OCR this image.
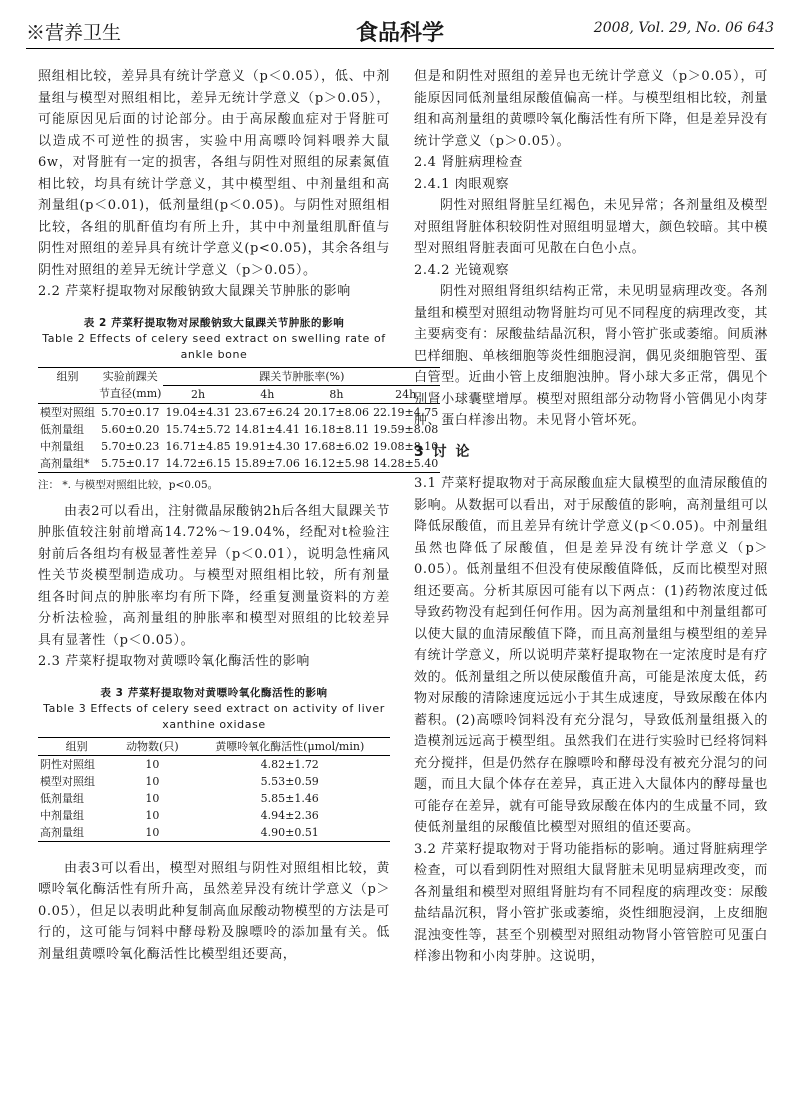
※营养卫生	食品科学	2008, Vol. 29, No. 06 643

照组相比较，差异具有统计学意义（p＜0.05），低、中剂量组与模型对照组相比，差异无统计学意义（p＞0.05），可能原因见后面的讨论部分。由于高尿酸血症对于肾脏可以造成不可逆性的损害，实验中用高嘌呤饲料喂养大鼠6w，对肾脏有一定的损害，各组与阴性对照组的尿素氮值相比较，均具有统计学意义，其中模型组、中剂量组和高剂量组(p＜0.01)，低剂量组(p＜0.05)。与阴性对照组相比较，各组的肌酐值均有所上升，其中中剂量组肌酐值与阴性对照组的差异具有统计学意义(p<0.05)，其余各组与阴性对照组的差异无统计学意义（p＞0.05）。

2.2 芹菜籽提取物对尿酸钠致大鼠踝关节肿胀的影响

表 2 芹菜籽提取物对尿酸钠致大鼠踝关节肿胀的影响
Table 2 Effects of celery seed extract on swelling rate of ankle bone
组别	实验前踝关	踝关节肿胀率(%)			
	节直径(mm)	2h	4h	8h	24h
模型对照组	5.70±0.17	19.04±4.31	23.67±6.24	20.17±8.06	22.19±4.75
低剂量组	5.60±0.20	15.74±5.72	14.81±4.41	16.18±8.11	19.59±8.08
中剂量组	5.70±0.23	16.71±4.85	19.91±4.30	17.68±6.02	19.08±8.10
高剂量组*	5.75±0.17	14.72±6.15	15.89±7.06	16.12±5.98	14.28±5.40
注： *. 与模型对照组比较，p<0.05。

由表2可以看出，注射微晶尿酸钠2h后各组大鼠踝关节肿胀值较注射前增高14.72%～19.04%，经配对t检验注射前后各组均有极显著性差异（p＜0.01），说明急性痛风性关节炎模型制造成功。与模型对照组相比较，所有剂量组各时间点的肿胀率均有所下降，经重复测量资料的方差分析法检验，高剂量组的肿胀率和模型对照组的比较差异具有显著性（p＜0.05）。

2.3 芹菜籽提取物对黄嘌呤氧化酶活性的影响

表 3 芹菜籽提取物对黄嘌呤氧化酶活性的影响
Table 3 Effects of celery seed extract on activity of liver xanthine oxidase
组别	动物数(只)	黄嘌呤氧化酶活性(μmol/min)
阴性对照组	10	4.82±1.72
模型对照组	10	5.53±0.59
低剂量组	10	5.85±1.46
中剂量组	10	4.94±2.36
高剂量组	10	4.90±0.51

由表3可以看出，模型对照组与阴性对照组相比较，黄嘌呤氧化酶活性有所升高，虽然差异没有统计学意义（p＞0.05），但足以表明此种复制高血尿酸动物模型的方法是可行的，这可能与饲料中酵母粉及腺嘌呤的添加量有关。低剂量组黄嘌呤氧化酶活性比模型组还要高，

但是和阴性对照组的差异也无统计学意义（p＞0.05），可能原因同低剂量组尿酸值偏高一样。与模型组相比较，剂量组和高剂量组的黄嘌呤氧化酶活性有所下降，但是差异没有统计学意义（p＞0.05）。

2.4 肾脏病理检查

2.4.1 肉眼观察

阴性对照组肾脏呈红褐色，未见异常；各剂量组及模型对照组肾脏体积较阴性对照组明显增大，颜色较暗。其中模型对照组肾脏表面可见散在白色小点。

2.4.2 光镜观察

阴性对照组肾组织结构正常，未见明显病理改变。各剂量组和模型对照组动物肾脏均可见不同程度的病理改变，其主要病变有：尿酸盐结晶沉积，肾小管扩张或萎缩。间质淋巴样细胞、单核细胞等炎性细胞浸润，偶见炎细胞管型、蛋白管型。近曲小管上皮细胞浊肿。肾小球大多正常，偶见个别肾小球囊壁增厚。模型对照组部分动物肾小管偶见小肉芽肿、蛋白样渗出物。未见肾小管坏死。

3 讨 论

3.1 芹菜籽提取物对于高尿酸血症大鼠模型的血清尿酸值的影响。从数据可以看出，对于尿酸值的影响，高剂量组可以降低尿酸值，而且差异有统计学意义(p＜0.05)。中剂量组虽然也降低了尿酸值，但是差异没有统计学意义（p＞0.05）。低剂量组不但没有使尿酸值降低，反而比模型对照组还要高。分析其原因可能有以下两点：(1)药物浓度过低导致药物没有起到任何作用。因为高剂量组和中剂量组都可以使大鼠的血清尿酸值下降，而且高剂量组与模型组的差异有统计学意义，所以说明芹菜籽提取物在一定浓度时是有疗效的。低剂量组之所以使尿酸值升高，可能是浓度太低，药物对尿酸的清除速度远远小于其生成速度，导致尿酸在体内蓄积。(2)高嘌呤饲料没有充分混匀，导致低剂量组摄入的造模剂远远高于模型组。虽然我们在进行实验时已经将饲料充分搅拌，但是仍然存在腺嘌呤和酵母没有被充分混匀的问题，而且大鼠个体存在差异，真正进入大鼠体内的酵母量也可能存在差异，就有可能导致尿酸在体内的生成量不同，致使低剂量组的尿酸值比模型对照组的值还要高。

3.2 芹菜籽提取物对于肾功能指标的影响。通过肾脏病理学检查，可以看到阴性对照组大鼠肾脏未见明显病理改变，而各剂量组和模型对照组肾脏均有不同程度的病理改变：尿酸盐结晶沉积，肾小管扩张或萎缩，炎性细胞浸润，上皮细胞混浊变性等，甚至个别模型对照组动物肾小管管腔可见蛋白样渗出物和小肉芽肿。这说明，
